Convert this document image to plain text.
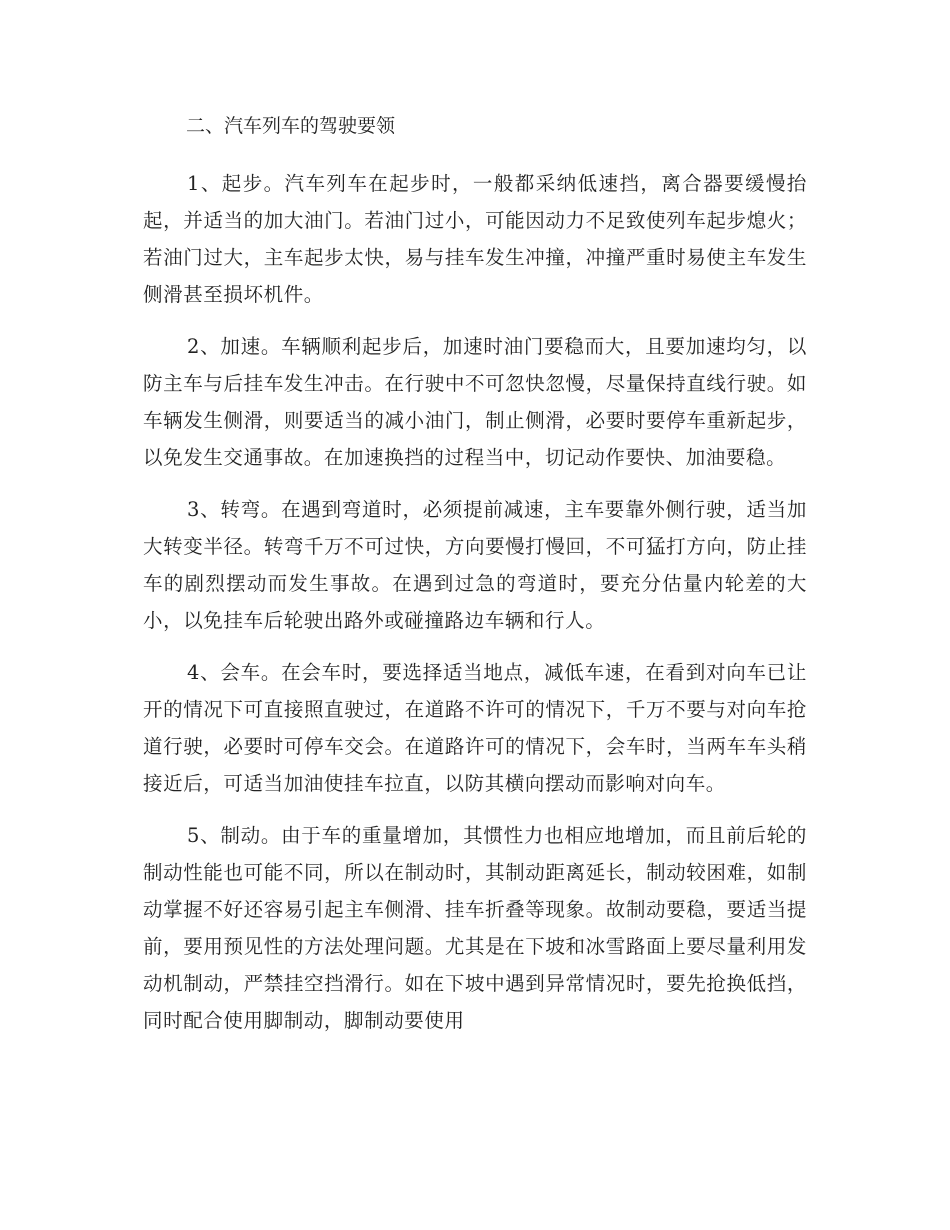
二、汽车列车的驾驶要领

1、起步。汽车列车在起步时，一般都采纳低速挡，离合器要缓慢抬起，并适当的加大油门。若油门过小，可能因动力不足致使列车起步熄火；若油门过大，主车起步太快，易与挂车发生冲撞，冲撞严重时易使主车发生侧滑甚至损坏机件。

2、加速。车辆顺利起步后，加速时油门要稳而大，且要加速均匀，以防主车与后挂车发生冲击。在行驶中不可忽快忽慢，尽量保持直线行驶。如车辆发生侧滑，则要适当的减小油门，制止侧滑，必要时要停车重新起步，以免发生交通事故。在加速换挡的过程当中，切记动作要快、加油要稳。

3、转弯。在遇到弯道时，必须提前减速，主车要靠外侧行驶，适当加大转变半径。转弯千万不可过快，方向要慢打慢回，不可猛打方向，防止挂车的剧烈摆动而发生事故。在遇到过急的弯道时，要充分估量内轮差的大小，以免挂车后轮驶出路外或碰撞路边车辆和行人。

4、会车。在会车时，要选择适当地点，减低车速，在看到对向车已让开的情况下可直接照直驶过，在道路不许可的情况下，千万不要与对向车抢道行驶，必要时可停车交会。在道路许可的情况下，会车时，当两车车头稍接近后，可适当加油使挂车拉直，以防其横向摆动而影响对向车。

5、制动。由于车的重量增加，其惯性力也相应地增加，而且前后轮的制动性能也可能不同，所以在制动时，其制动距离延长，制动较困难，如制动掌握不好还容易引起主车侧滑、挂车折叠等现象。故制动要稳，要适当提前，要用预见性的方法处理问题。尤其是在下坡和冰雪路面上要尽量利用发动机制动，严禁挂空挡滑行。如在下坡中遇到异常情况时，要先抢换低挡，同时配合使用脚制动，脚制动要使用
